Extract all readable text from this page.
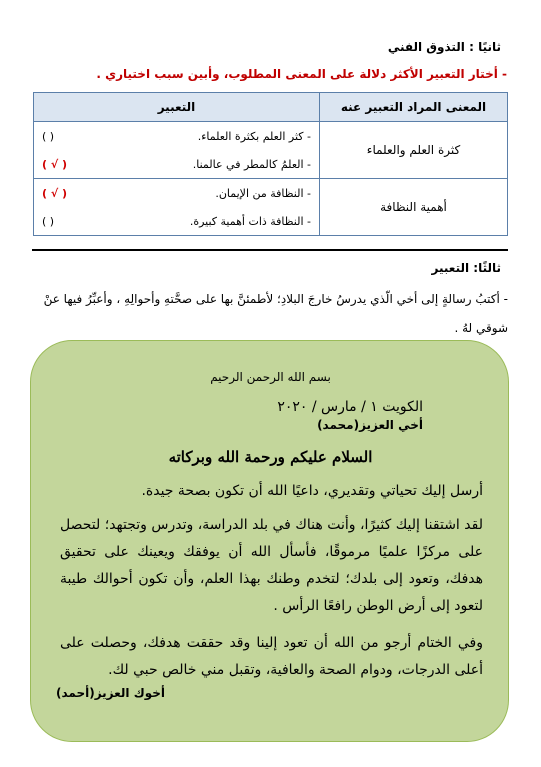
ثانيًا : التذوق الفني
- أختار التعبير الأكثر دلالة على المعنى المطلوب، وأبين سبب اختياري .
المعنى المراد التعبير عنه	التعبير
كثرة العلم والعلماء	- كثر العلم بكثرة العلماء.
( )
- العلمُ كالمطر في عالمنا.
( √ )

أهمية النظافة	- النظافة من الإيمان.
( √ )
- النظافة ذات أهمية كبيرة.
( )
ثالثًا: التعبير
- أكتبُ رسالةٍ إلى أخي الّذي يدرسُ خارجَ البلادِ؛ لأطمئنَّ بها على صحَّتهِ وأحوالِهِ ، وأعبِّرُ فيها عنْ شوقي لهُ .
بسم الله الرحمن الرحيم
الكويت ١ / مارس / ٢٠٢٠
أخي العزيز(محمد)
السلام عليكم ورحمة الله وبركاته
أرسل إليك تحياتي وتقديري، داعيًا الله أن تكون بصحة جيدة.
لقد اشتقنا إليك كثيرًا، وأنت هناك في بلد الدراسة، وتدرس وتجتهد؛ لتحصل على مركزًا علميًا مرموقًا، فأسأل الله أن يوفقك ويعينك على تحقيق هدفك، وتعود إلى بلدك؛ لتخدم وطنك بهذا العلم، وأن تكون أحوالك طيبة لتعود إلى أرض الوطن رافعًا الرأس .
وفي الختام أرجو من الله أن تعود إلينا وقد حققت هدفك، وحصلت على أعلى الدرجات، ودوام الصحة والعافية، وتقبل مني خالص حبي لك.
أخوك العزيز(أحمد)
